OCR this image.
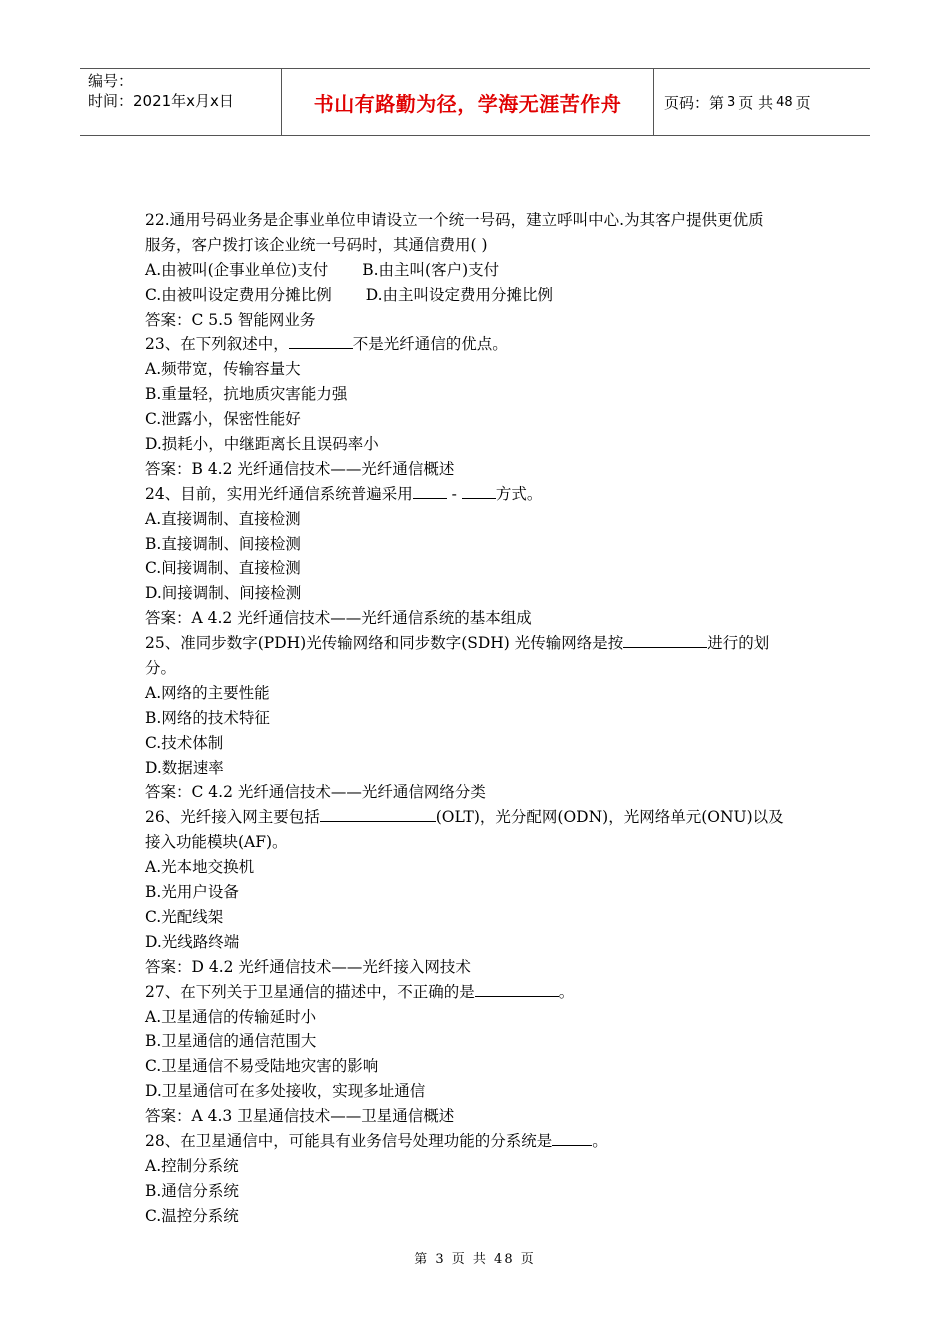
编号：
时间：2021年x月x日	书山有路勤为径，学海无涯苦作舟	页码：第 3 页 共 48 页
22.通用号码业务是企事业单位申请设立一个统一号码，建立呼叫中心.为其客户提供更优质
服务，客户拨打该企业统一号码时，其通信费用( )
A.由被叫(企事业单位)支付 B.由主叫(客户)支付
C.由被叫设定费用分摊比例 D.由主叫设定费用分摊比例
答案：C 5.5 智能网业务
23、在下列叙述中，	不是光纤通信的优点。
A.频带宽，传输容量大
B.重量轻，抗地质灾害能力强
C.泄露小，保密性能好
D.损耗小，中继距离长且误码率小
答案：B 4.2 光纤通信技术——光纤通信概述
24、目前，实用光纤通信系统普遍采用 - 方式。
A.直接调制、直接检测
B.直接调制、间接检测
C.间接调制、直接检测
D.间接调制、间接检测
答案：A 4.2 光纤通信技术——光纤通信系统的基本组成
25、准同步数字(PDH)光传输网络和同步数字(SDH) 光传输网络是按	进行的划
分。
A.网络的主要性能
B.网络的技术特征
C.技术体制
D.数据速率
答案：C 4.2 光纤通信技术——光纤通信网络分类
26、光纤接入网主要包括	(OLT)，光分配网(ODN)，光网络单元(ONU)以及
接入功能模块(AF)。
A.光本地交换机
B.光用户设备
C.光配线架
D.光线路终端
答案：D 4.2 光纤通信技术——光纤接入网技术
27、在下列关于卫星通信的描述中，不正确的是	。
A.卫星通信的传输延时小
B.卫星通信的通信范围大
C.卫星通信不易受陆地灾害的影响
D.卫星通信可在多处接收，实现多址通信
答案：A 4.3 卫星通信技术——卫星通信概述
28、在卫星通信中，可能具有业务信号处理功能的分系统是	。
A.控制分系统
B.通信分系统
C.温控分系统
第 3 页 共 48 页
